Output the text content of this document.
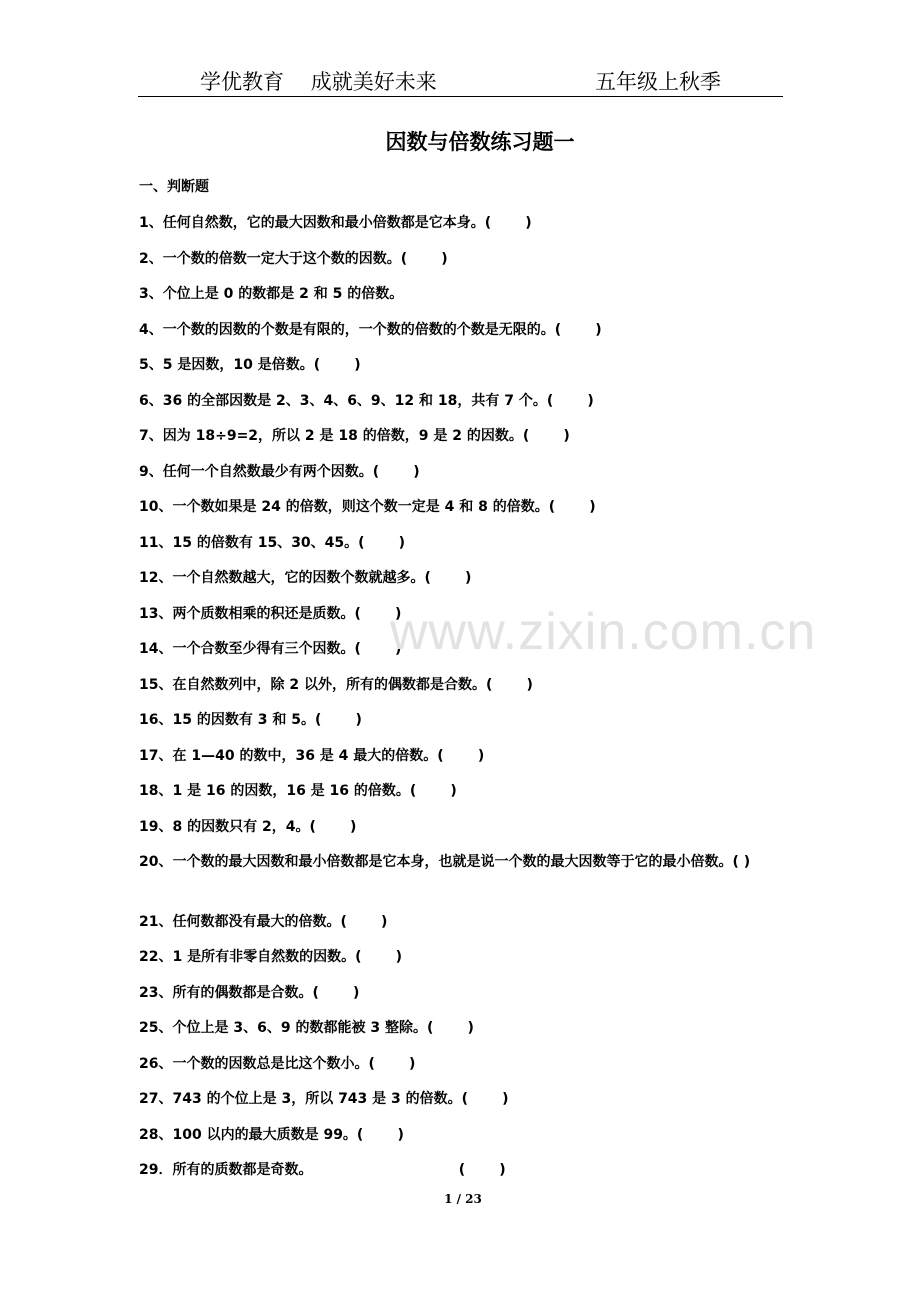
学优教育    成就美好未来	五年级上秋季
因数与倍数练习题一
一、判断题
1、任何自然数，它的最大因数和最小倍数都是它本身。(       )
2、一个数的倍数一定大于这个数的因数。(       )
3、个位上是 0 的数都是 2 和 5 的倍数。
4、一个数的因数的个数是有限的，一个数的倍数的个数是无限的。(       )
5、5 是因数，10 是倍数。(       )
6、36 的全部因数是 2、3、4、6、9、12 和 18，共有 7 个。(       )
7、因为 18÷9=2，所以 2 是 18 的倍数，9 是 2 的因数。(       )
9、任何一个自然数最少有两个因数。(       )
10、一个数如果是 24 的倍数，则这个数一定是 4 和 8 的倍数。(       )
11、15 的倍数有 15、30、45。(       )
12、一个自然数越大，它的因数个数就越多。(       )
13、两个质数相乘的积还是质数。(       )
14、一个合数至少得有三个因数。(       )
15、在自然数列中，除 2 以外，所有的偶数都是合数。(       )
16、15 的因数有 3 和 5。(       )
17、在 1—40 的数中，36 是 4 最大的倍数。(       )
18、1 是 16 的因数，16 是 16 的倍数。(       )
19、8 的因数只有 2，4。(       )
20、一个数的最大因数和最小倍数都是它本身，也就是说一个数的最大因数等于它的最小倍数。( )
21、任何数都没有最大的倍数。(       )
22、1 是所有非零自然数的因数。(       )
23、所有的偶数都是合数。(       )
25、个位上是 3、6、9 的数都能被 3 整除。(       )
26、一个数的因数总是比这个数小。(       )
27、743 的个位上是 3，所以 743 是 3 的倍数。(       )
28、100 以内的最大质数是 99。(       )
29．所有的质数都是奇数。                              (       )
www.zixin.com.cn
1 / 23
